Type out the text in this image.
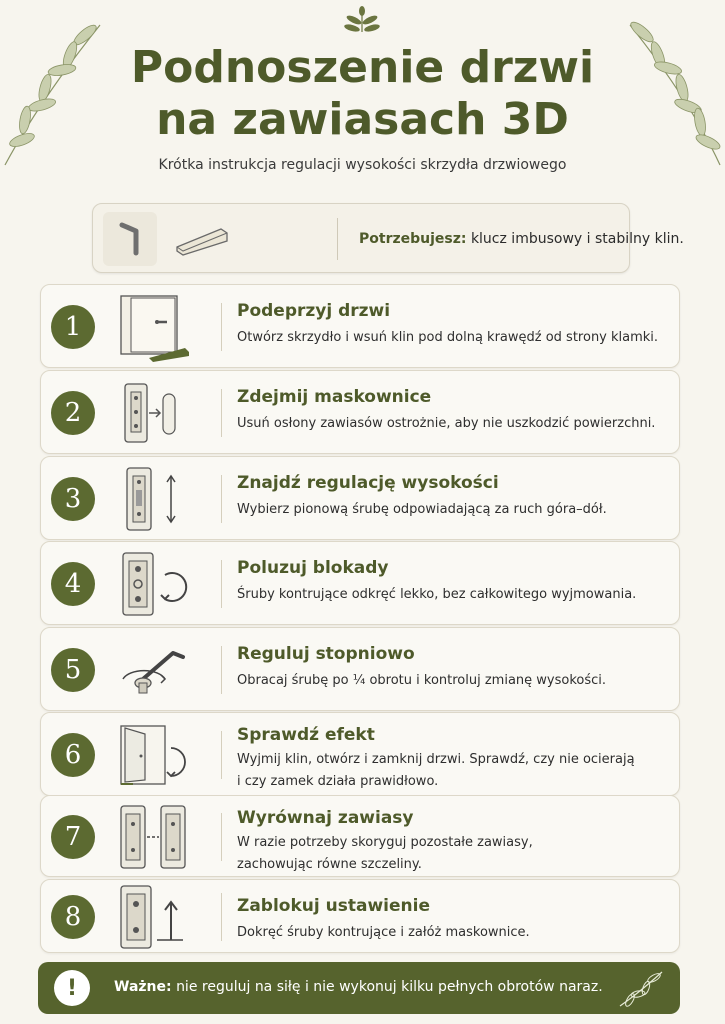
Podnoszenie drzwi
na zawiasach 3D
Krótka instrukcja regulacji wysokości skrzydła drzwiowego
Potrzebujesz: klucz imbusowy i stabilny klin.
1
Podeprzyj drzwi
Otwórz skrzydło i wsuń klin pod dolną krawędź od strony klamki.
2
Zdejmij maskownice
Usuń osłony zawiasów ostrożnie, aby nie uszkodzić powierzchni.
3
Znajdź regulację wysokości
Wybierz pionową śrubę odpowiadającą za ruch góra–dół.
4
Poluzuj blokady
Śruby kontrujące odkręć lekko, bez całkowitego wyjmowania.
5
Reguluj stopniowo
Obracaj śrubę po ¼ obrotu i kontroluj zmianę wysokości.
6
Sprawdź efekt
Wyjmij klin, otwórz i zamknij drzwi. Sprawdź, czy nie ocierają
i czy zamek działa prawidłowo.
7
Wyrównaj zawiasy
W razie potrzeby skoryguj pozostałe zawiasy,
zachowując równe szczeliny.
8	Zablokuj ustawienie
Dokręć śruby kontrujące i załóż maskownice.
!	Ważne: nie reguluj na siłę i nie wykonuj kilku pełnych obrotów naraz.
